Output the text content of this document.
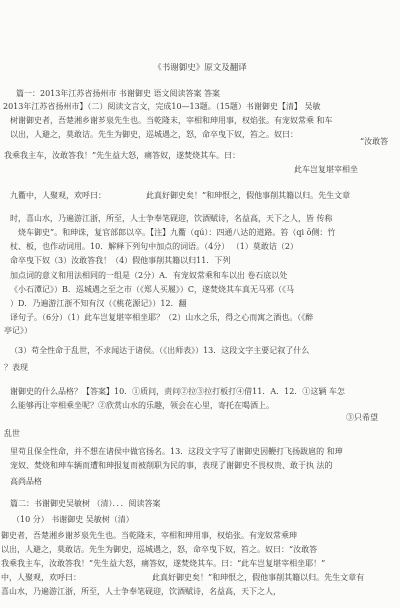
《书谢御史》原文及翻译
篇一：2013年江苏省扬州市 书谢御史 语文阅读答案 答案
2013年江苏省扬州市】（二）阅读文言文，完成10—13题。（15题）书谢御史【清】 吴敏
树谢御史者，吾楚湘乡谢芗泉先生也。当乾隆末，宰相和珅用事，权焰张。有宠奴常乘 和车
以出，人避之，莫敢诘。先生为御史，巡城遇之，怒，命卒曳下奴，笞之。奴曰：
“汝敢答
我乘我主车，汝敢答我！”先生益大怒，痛答奴，遂焚烧其车。曰：
此车岂复堪宰相坐
九衢中，人聚观，欢呼曰：	此真好御史矣！”和珅恨之，假他事削其籍以归。先生文章
时，喜山水，乃遍游江浙，所至，人士争奉笔砚迎，饮酒赋诗，名益高，天下之人，皆 传称
烧车御史”。和珅诛，复官部郎以卒。【注】九衢（qú）：四通八达的道路。笞（qi ō侧：竹
杖、板，也作动词用。10．解释下列句中加点的词语。（4分） （1）莫敢诘（2）
命卒曳下奴（3）汝敢答我！（4）假他事削其籍以归11．下列
加点词的意义和用法相同的一组是（2分）A．有宠奴常乘和车以出 卷石底以处
《小石潭记》）B．巡城遇之至之市（《郑人买履》）C，遂焚烧其车真无马邪（《马
）D．乃遍游江浙不知有汉（《桃花源记》）12．翻
译句子。（6分）（1）此车岂复堪宰相坐耶？（2）山水之乐，得之心而寓之酒也。（《醉
亭记》）
（3）苟全性命于乱世，不求闻达于诸侯。（《出师表》）13．这段文字主要记叙了什么
？表现
谢御史的什么品格？【答案】10．①质问，责问②拉③拉打板打④借11．A．12．①这辆 车怎
么能够再让宰相乘坐呢？②欣赏山水的乐趣，领会在心里，寄托在喝酒上。
③只希望
乱世
里苟且保全性命，并不想在诸侯中做官扬名。13．这段文字写了谢御史因鞭打飞扬跋扈的 和珅
宠奴、焚烧和珅车辆而遭和珅报复而被削职为民的事，表现了谢御史不畏权贵、敢于执 法的
高尚品格
篇二：书谢御史吴敏树 （清）．．．阅读答案
（10 分） 书谢御史 吴敏树（清）
御史者，吾楚湘乡谢芗泉先生也。当乾隆末，宰相和珅用事，权焰张。有宠奴常乘珅
以出，人避之，莫敢诘。先生为御史，巡城遇之，怒，命卒曳下奴，笞之。奴曰：“汝敢答
我乘我主车，汝敢答我！”先生益大怒，痛答奴，遂焚烧其车。曰：“此车岂复堪宰相坐耶！”
中，人聚观，欢呼曰：	此真好御史矣！”和珅恨之，假他事削其籍以归。先生文章有
喜山水，乃遍游江浙，所至，人士争奉笔砚迎，饮酒赋诗，名益高，天下之人，
